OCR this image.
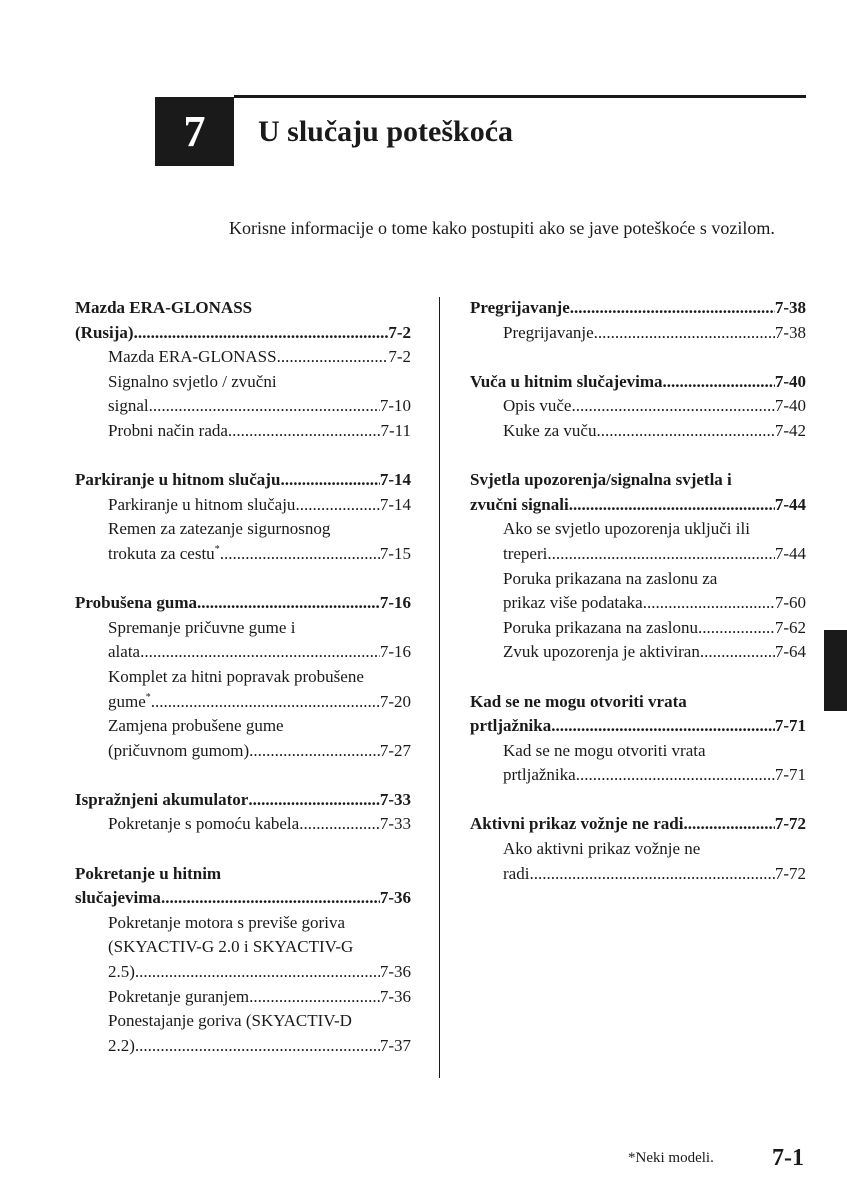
7	U slučaju poteškoća
Korisne informacije o tome kako postupiti ako se jave poteškoće s vozilom.
Mazda ERA-GLONASS
(Rusija) .....	7-2
Mazda ERA-GLONASS .....	7-2
Signalno svjetlo / zvučni
signal .....	7-10
Probni način rada .....	7-11
Parkiranje u hitnom slučaju .....	7-14
Parkiranje u hitnom slučaju .....	7-14
Remen za zatezanje sigurnosnog
trokuta za cestu* .....	7-15
Probušena guma .....	7-16
Spremanje pričuvne gume i
alata .....	7-16
Komplet za hitni popravak probušene
gume* .....	7-20
Zamjena probušene gume
(pričuvnom gumom) .....	7-27
Ispražnjeni akumulator .....	7-33
Pokretanje s pomoću kabela .....	7-33
Pokretanje u hitnim
slučajevima .....	7-36
Pokretanje motora s previše goriva
(SKYACTIV-G 2.0 i SKYACTIV-G
2.5) .....	7-36
Pokretanje guranjem .....	7-36
Ponestajanje goriva (SKYACTIV-D
2.2) .....	7-37
Pregrijavanje .....	7-38
Pregrijavanje .....	7-38
Vuča u hitnim slučajevima .....	7-40
Opis vuče .....	7-40
Kuke za vuču .....	7-42
Svjetla upozorenja/signalna svjetla i
zvučni signali .....	7-44
Ako se svjetlo upozorenja uključi ili
treperi .....	7-44
Poruka prikazana na zaslonu za
prikaz više podataka .....	7-60
Poruka prikazana na zaslonu .....	7-62
Zvuk upozorenja je aktiviran .....	7-64
Kad se ne mogu otvoriti vrata
prtljažnika .....	7-71
Kad se ne mogu otvoriti vrata
prtljažnika .....	7-71
Aktivni prikaz vožnje ne radi .....	7-72
Ako aktivni prikaz vožnje ne
radi .....	7-72
*Neki modeli. 7-1
